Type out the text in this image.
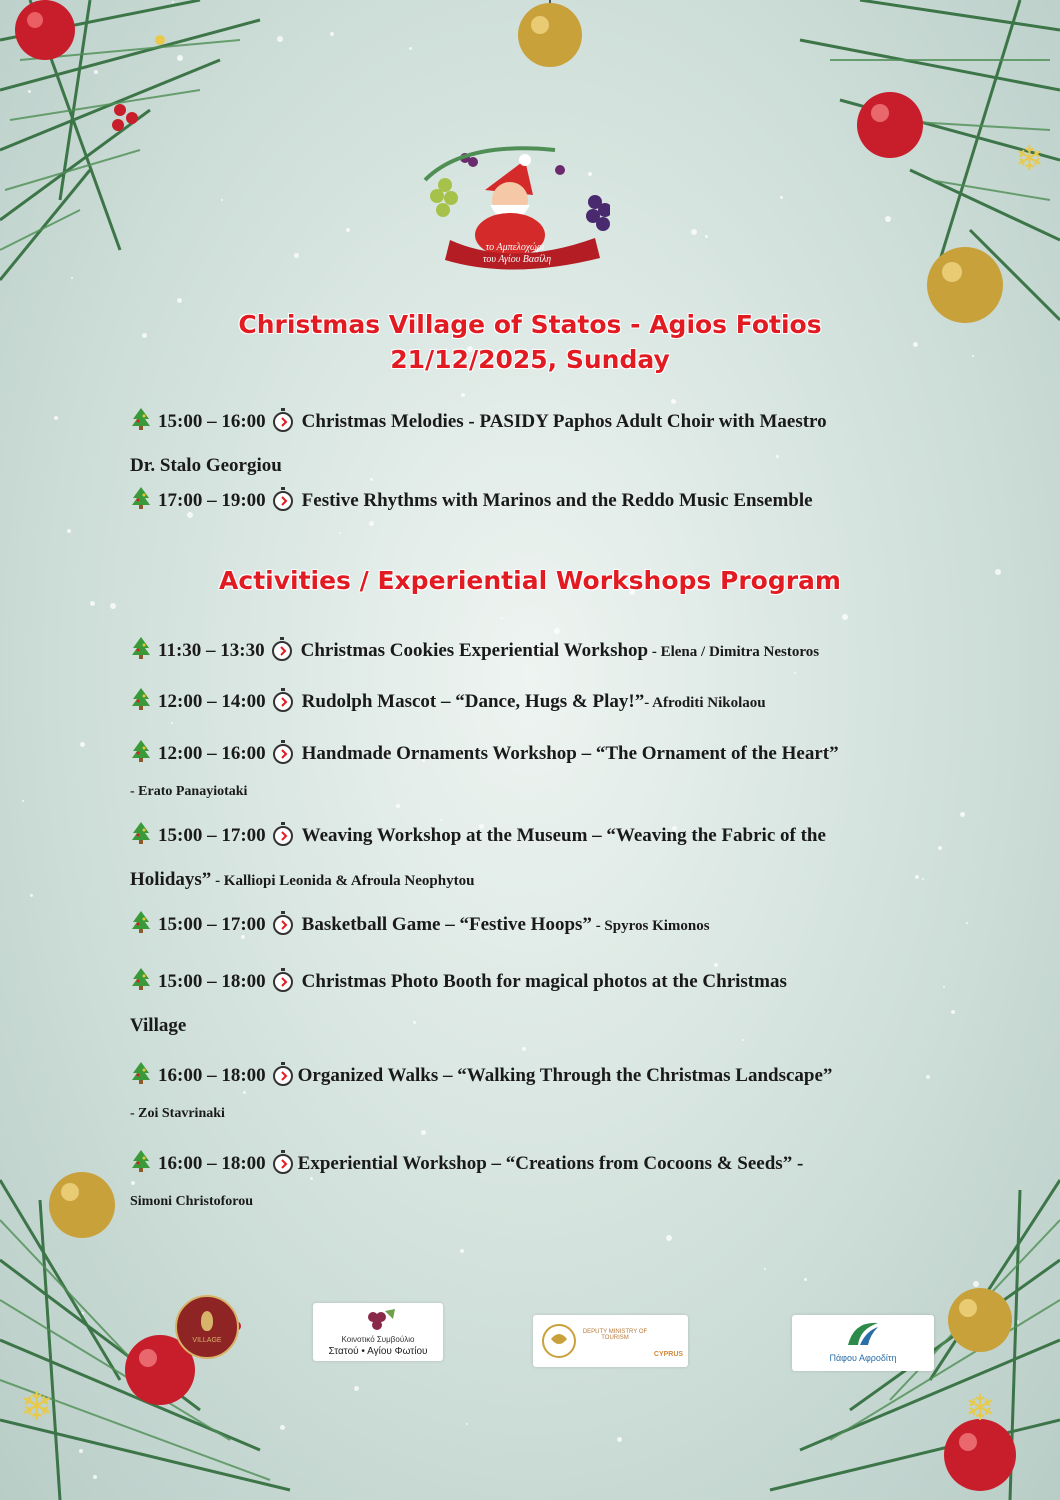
❄
❄	❄
το Αμπελοχώρι
του Αγίου Βασίλη
Christmas Village of Statos - Agios Fotios
21/12/2025, Sunday
15:00 – 16:00 Christmas Melodies - PASIDY Paphos Adult Choir with Maestro
Dr. Stalo Georgiou
17:00 – 19:00 Festive Rhythms with Marinos and the Reddo Music Ensemble
Activities / Experiential Workshops Program
11:30 – 13:30 Christmas Cookies Experiential Workshop - Elena / Dimitra Nestoros
12:00 – 14:00 Rudolph Mascot – “Dance, Hugs & Play!”- Afroditi Nikolaou
12:00 – 16:00 Handmade Ornaments Workshop – “The Ornament of the Heart”
- Erato Panayiotaki
15:00 – 17:00 Weaving Workshop at the Museum – “Weaving the Fabric of the
Holidays” - Kalliopi Leonida & Afroula Neophytou
15:00 – 17:00 Basketball Game – “Festive Hoops” - Spyros Kimonos
15:00 – 18:00 Christmas Photo Booth for magical photos at the Christmas
Village
16:00 – 18:00 Organized Walks – “Walking Through the Christmas Landscape”
- Zoi Stavrinaki
16:00 – 18:00 Experiential Workshop – “Creations from Cocoons & Seeds” -
Simoni Christoforou
VILLAGE	Κοινοτικό Συμβούλιο
Στατού • Αγίου Φωτίου
DEPUTY MINISTRY OF TOURISM
CYPRUS	Πάφου Αφροδίτη
